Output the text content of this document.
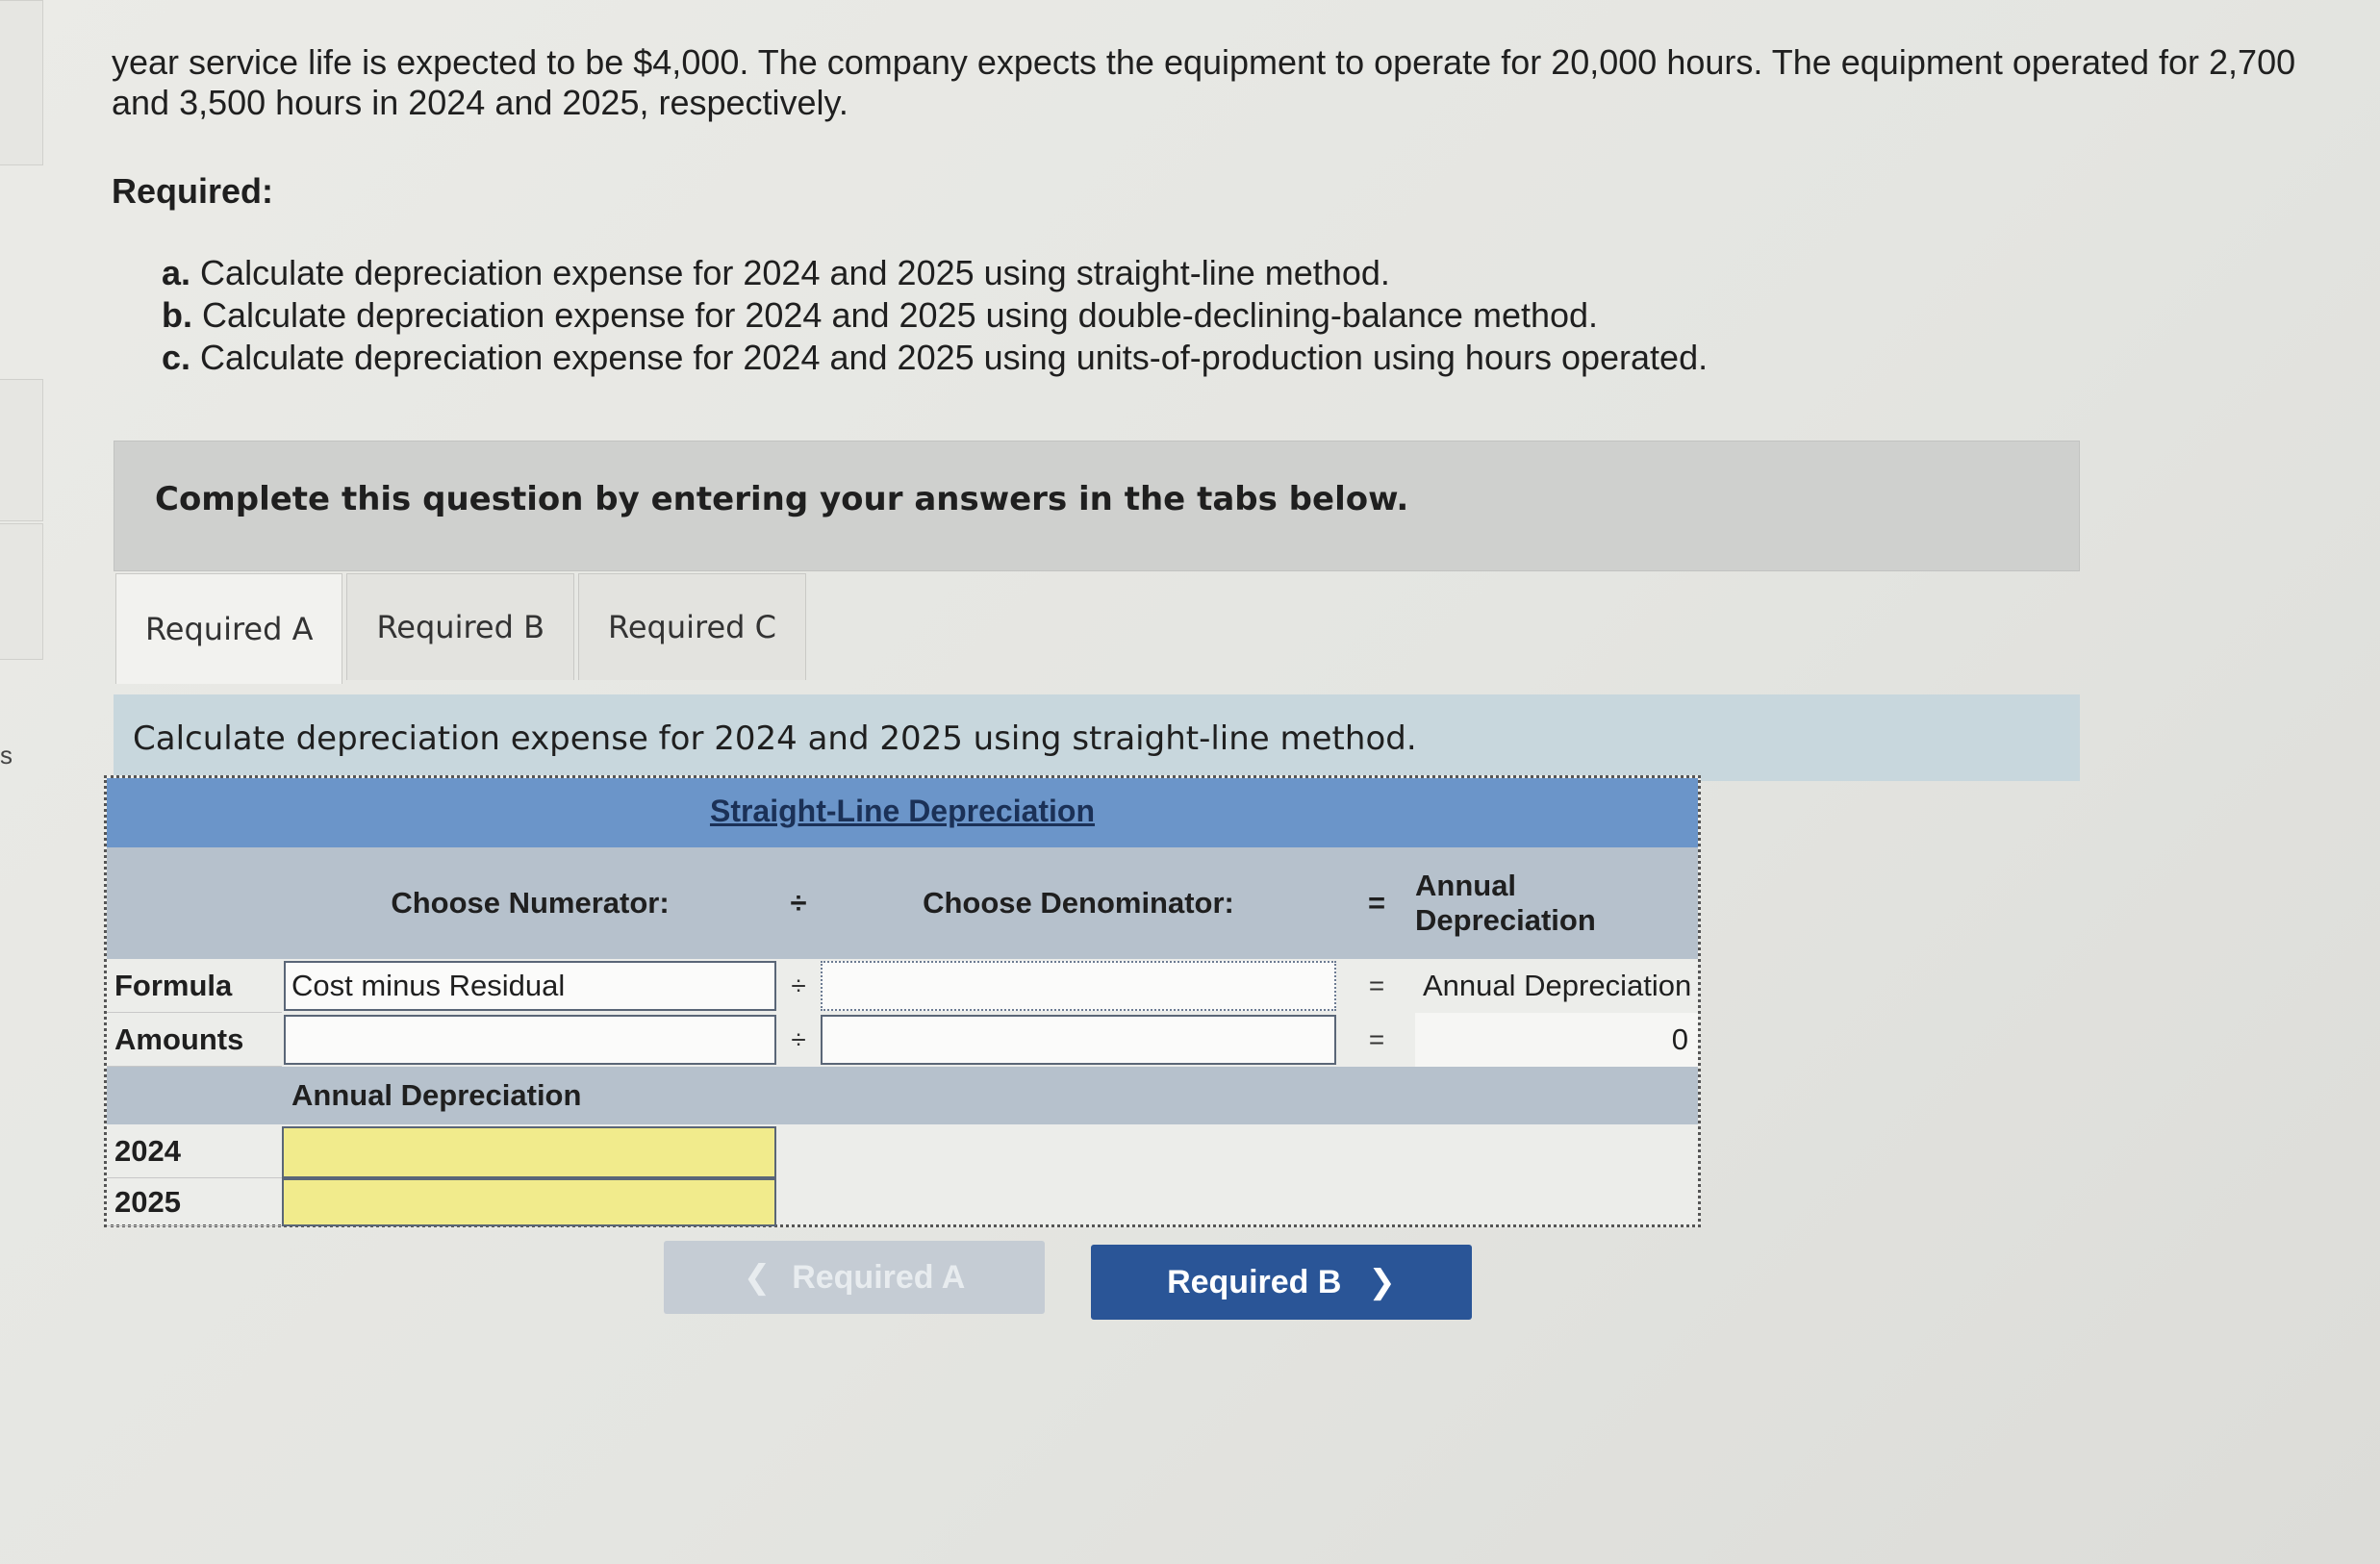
s
year service life is expected to be $4,000. The company expects the equipment to operate for 20,000 hours. The equipment operated for 2,700 and 3,500 hours in 2024 and 2025, respectively.
Required:
a. Calculate depreciation expense for 2024 and 2025 using straight-line method.
b. Calculate depreciation expense for 2024 and 2025 using double-declining-balance method.
c. Calculate depreciation expense for 2024 and 2025 using units-of-production using hours operated.
Complete this question by entering your answers in the tabs below.
Required A	Required B	Required C
Calculate depreciation expense for 2024 and 2025 using straight-line method.
Straight-Line Depreciation
Choose Numerator:	÷	Choose Denominator:	=
Annual Depreciation
Formula	Cost minus Residual	÷	=	Annual Depreciation
Amounts	÷	=	0
Annual Depreciation
2024
2025
❮ Required A	Required B ❯
